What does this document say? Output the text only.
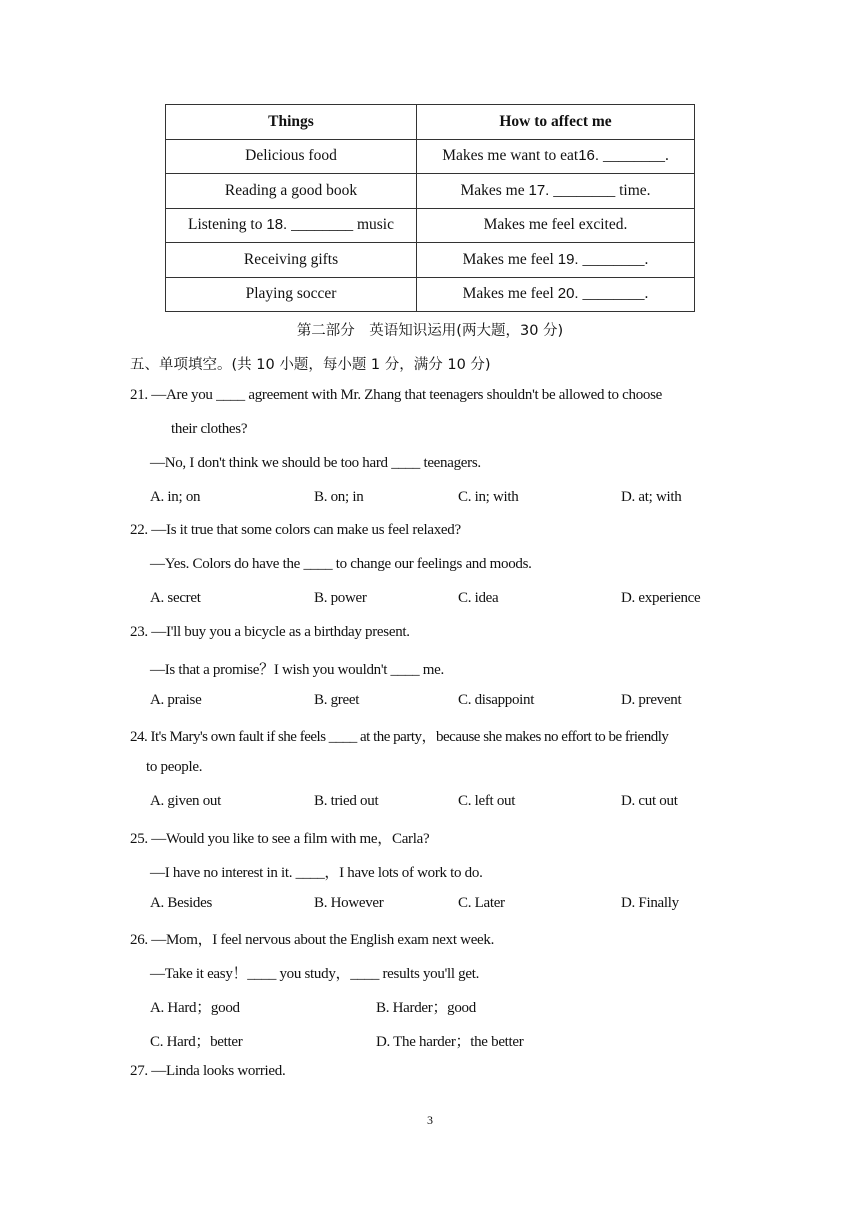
Things	How to affect me
Delicious food	Makes me want to eat16. ________.
Reading a good book	Makes me 17. ________ time.
Listening to 18. ________ music	Makes me feel excited.
Receiving gifts	Makes me feel 19. ________.
Playing soccer	Makes me feel 20. ________.
第二部分　英语知识运用(两大题，30 分)
五、单项填空。(共 10 小题，每小题 1 分，满分 10 分)
21. —Are you ____ agreement with Mr. Zhang that teenagers shouldn't be allowed to choose
their clothes?
—No, I don't think we should be too hard ____ teenagers.
A. in; on	B. on; in	C. in; with	D. at; with
22. —Is it true that some colors can make us feel relaxed?
—Yes. Colors do have the ____ to change our feelings and moods.
A. secret	B. power	C. idea	D. experience
23. —I'll buy you a bicycle as a birthday present.
—Is that a promise？I wish you wouldn't ____ me.
A. praise	B. greet	C. disappoint	D. prevent
24. It's Mary's own fault if she feels ____ at the party，because she makes no effort to be friendly
to people.
A. given out	B. tried out	C. left out	D. cut out
25. —Would you like to see a film with me，Carla?
—I have no interest in it. ____，I have lots of work to do.
A. Besides	B. However	C. Later	D. Finally
26. —Mom，I feel nervous about the English exam next week.
—Take it easy！____ you study，____ results you'll get.
A. Hard；good	B. Harder；good
C. Hard；better	D. The harder；the better
27. —Linda looks worried.
3
